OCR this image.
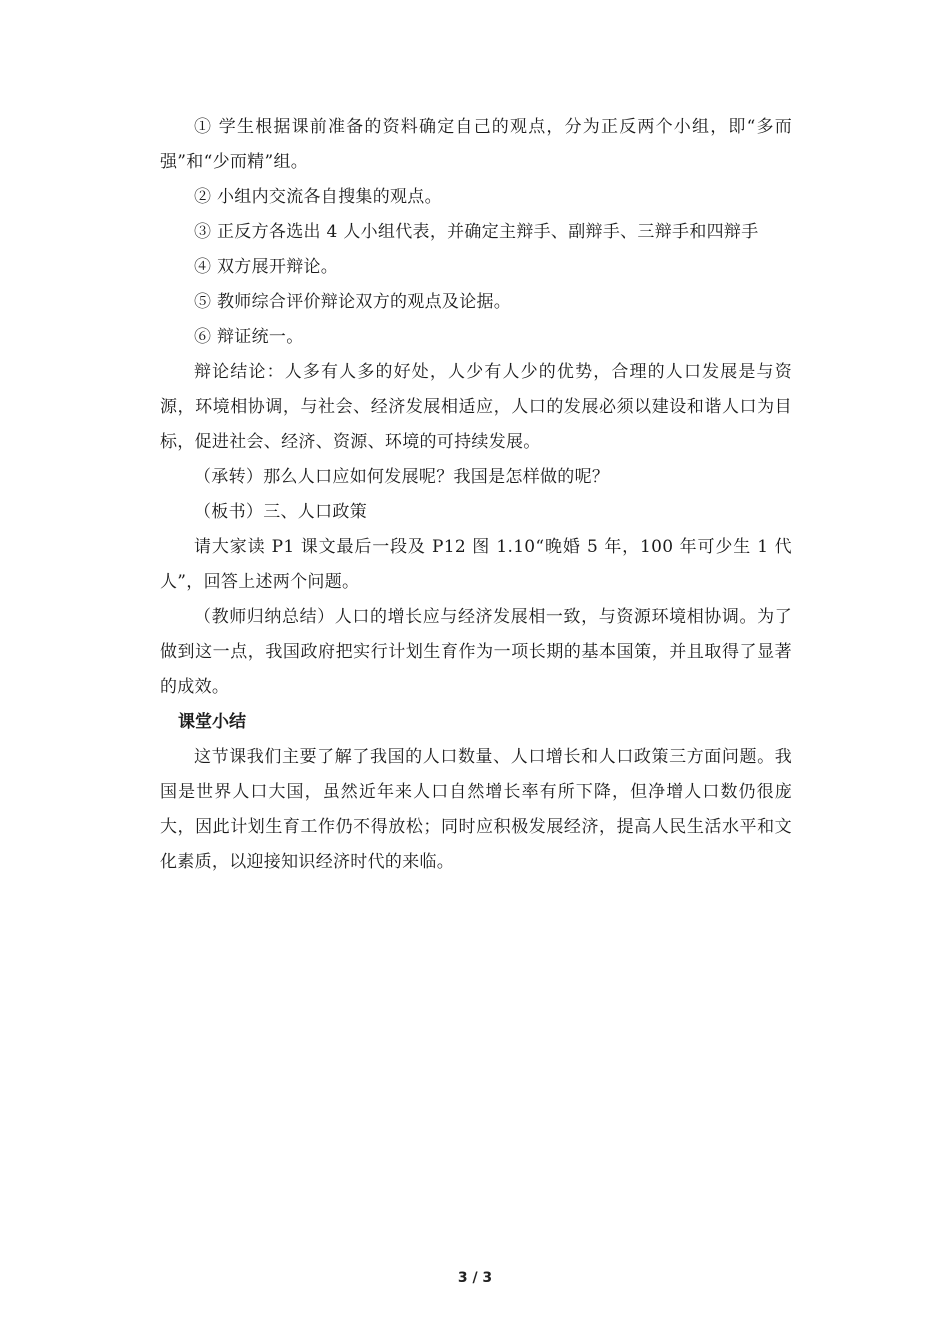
① 学生根据课前准备的资料确定自己的观点，分为正反两个小组，即“多而强”和“少而精”组。

② 小组内交流各自搜集的观点。

③ 正反方各选出 4 人小组代表，并确定主辩手、副辩手、三辩手和四辩手

④ 双方展开辩论。

⑤ 教师综合评价辩论双方的观点及论据。

⑥ 辩证统一。

辩论结论：人多有人多的好处，人少有人少的优势，合理的人口发展是与资源，环境相协调，与社会、经济发展相适应，人口的发展必须以建设和谐人口为目标，促进社会、经济、资源、环境的可持续发展。

（承转）那么人口应如何发展呢？我国是怎样做的呢？

（板书）三、人口政策

请大家读 P1 课文最后一段及 P12 图 1.10“晚婚 5 年，100 年可少生 1 代人”，回答上述两个问题。

（教师归纳总结）人口的增长应与经济发展相一致，与资源环境相协调。为了做到这一点，我国政府把实行计划生育作为一项长期的基本国策，并且取得了显著的成效。

课堂小结

这节课我们主要了解了我国的人口数量、人口增长和人口政策三方面问题。我国是世界人口大国，虽然近年来人口自然增长率有所下降，但净增人口数仍很庞大，因此计划生育工作仍不得放松；同时应积极发展经济，提高人民生活水平和文化素质，以迎接知识经济时代的来临。

3 / 3
